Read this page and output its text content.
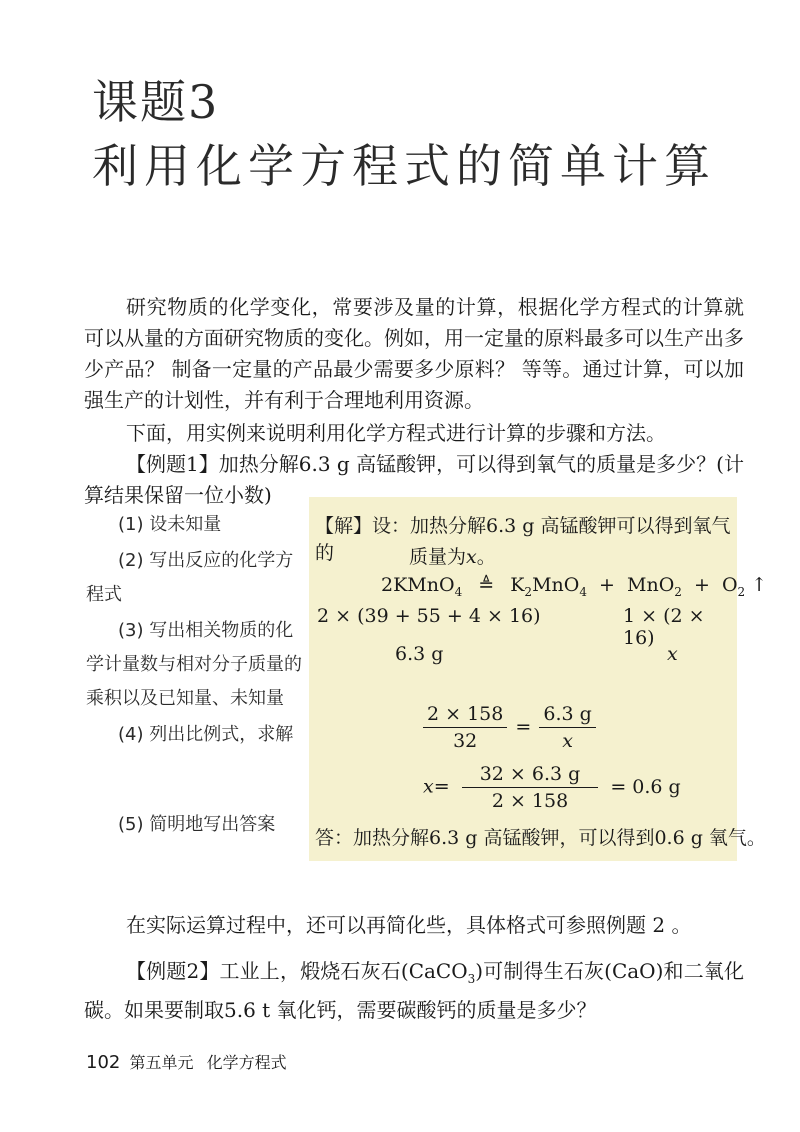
课题3
利用化学方程式的简单计算
研究物质的化学变化，常要涉及量的计算，根据化学方程式的计算就可以从量的方面研究物质的变化。例如，用一定量的原料最多可以生产出多少产品？ 制备一定量的产品最少需要多少原料？ 等等。通过计算，可以加强生产的计划性，并有利于合理地利用资源。
下面，用实例来说明利用化学方程式进行计算的步骤和方法。
【例题1】加热分解6.3 g 高锰酸钾，可以得到氧气的质量是多少？(计算结果保留一位小数)
(1) 设未知量
(2) 写出反应的化学方程式
(3) 写出相关物质的化学计量数与相对分子质量的乘积以及已知量、未知量
(4) 列出比例式，求解
(5) 简明地写出答案
【解】设：加热分解6.3 g 高锰酸钾可以得到氧气的	质量为x。
2KMnO$_4$ ≜ $K_2MnO_4 + MnO_2 + O_2$ ↑
2 × (39 + 55 + 4 × 16)	1 × (2 × 16)
6.3 g	x
$\frac{2 \times 158}{32} = \frac{6.3 g}{x}$
$x= \frac{32 \times 6.3 g}{2 \times 158} = 0.6$ g
答：加热分解6.3 g 高锰酸钾，可以得到0.6 g 氧气。
在实际运算过程中，还可以再简化些，具体格式可参照例题 2 。
【例题2】工业上，煅烧石灰石(CaCO$_3$)可制得生石灰(CaO)和二氧化碳。如果要制取5.6 t 氧化钙，需要碳酸钙的质量是多少？
102 第五单元 化学方程式
